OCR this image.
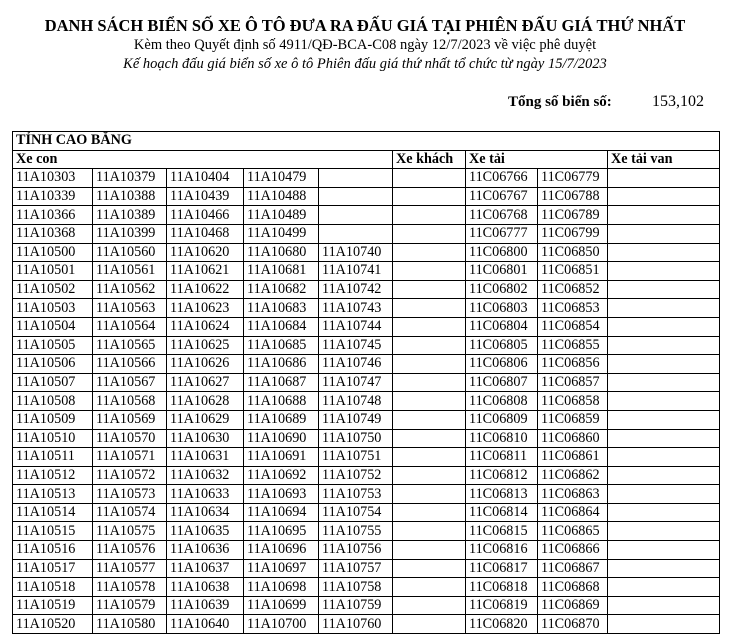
DANH SÁCH BIỂN SỐ XE Ô TÔ ĐƯA RA ĐẤU GIÁ TẠI PHIÊN ĐẤU GIÁ THỨ NHẤT
Kèm theo Quyết định số 4911/QĐ-BCA-C08 ngày 12/7/2023 về việc phê duyệt
Kế hoạch đấu giá biển số xe ô tô Phiên đấu giá thứ nhất tổ chức từ ngày 15/7/2023
Tổng số biển số:	153,102
TỈNH CAO BẰNG								
Xe con					Xe khách	Xe tải		Xe tải van
11A10303	11A10379	11A10404	11A10479			11C06766	11C06779	
11A10339	11A10388	11A10439	11A10488			11C06767	11C06788	
11A10366	11A10389	11A10466	11A10489			11C06768	11C06789	
11A10368	11A10399	11A10468	11A10499			11C06777	11C06799	
11A10500	11A10560	11A10620	11A10680	11A10740		11C06800	11C06850	
11A10501	11A10561	11A10621	11A10681	11A10741		11C06801	11C06851	
11A10502	11A10562	11A10622	11A10682	11A10742		11C06802	11C06852	
11A10503	11A10563	11A10623	11A10683	11A10743		11C06803	11C06853	
11A10504	11A10564	11A10624	11A10684	11A10744		11C06804	11C06854	
11A10505	11A10565	11A10625	11A10685	11A10745		11C06805	11C06855	
11A10506	11A10566	11A10626	11A10686	11A10746		11C06806	11C06856	
11A10507	11A10567	11A10627	11A10687	11A10747		11C06807	11C06857	
11A10508	11A10568	11A10628	11A10688	11A10748		11C06808	11C06858	
11A10509	11A10569	11A10629	11A10689	11A10749		11C06809	11C06859	
11A10510	11A10570	11A10630	11A10690	11A10750		11C06810	11C06860	
11A10511	11A10571	11A10631	11A10691	11A10751		11C06811	11C06861	
11A10512	11A10572	11A10632	11A10692	11A10752		11C06812	11C06862	
11A10513	11A10573	11A10633	11A10693	11A10753		11C06813	11C06863	
11A10514	11A10574	11A10634	11A10694	11A10754		11C06814	11C06864	
11A10515	11A10575	11A10635	11A10695	11A10755		11C06815	11C06865	
11A10516	11A10576	11A10636	11A10696	11A10756		11C06816	11C06866	
11A10517	11A10577	11A10637	11A10697	11A10757		11C06817	11C06867	
11A10518	11A10578	11A10638	11A10698	11A10758		11C06818	11C06868	
11A10519	11A10579	11A10639	11A10699	11A10759		11C06819	11C06869	
11A10520	11A10580	11A10640	11A10700	11A10760		11C06820	11C06870	
